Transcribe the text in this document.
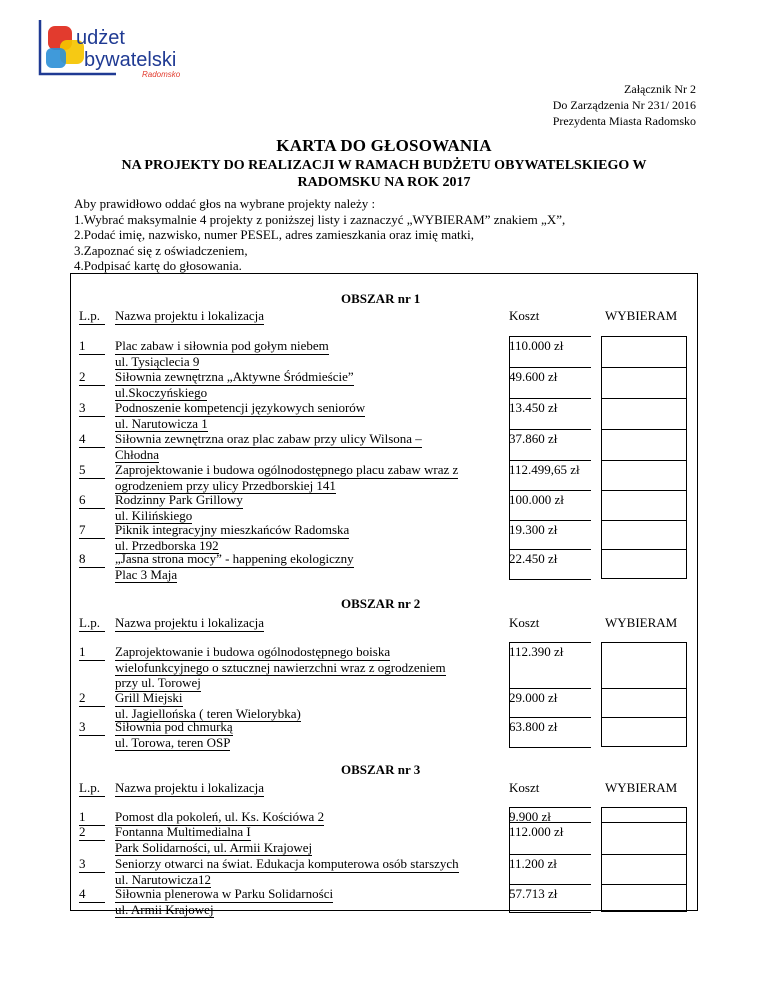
udżet
bywatelski
Radomsko
Załącznik Nr 2
Do Zarządzenia Nr 231/ 2016
Prezydenta Miasta Radomsko
KARTA DO GŁOSOWANIA
NA PROJEKTY DO REALIZACJI W RAMACH BUDŻETU OBYWATELSKIEGO W
RADOMSKU NA ROK 2017
Aby prawidłowo oddać głos na wybrane projekty należy :
1.Wybrać maksymalnie 4 projekty z poniższej listy i zaznaczyć „WYBIERAM” znakiem „X”,
2.Podać imię, nazwisko, numer PESEL, adres zamieszkania oraz imię matki,
3.Zapoznać się z oświadczeniem,
4.Podpisać kartę do głosowania.
OBSZAR nr 1
L.p. Nazwa projektu i lokalizacja	Koszt	WYBIERAM
1 Plac zabaw i siłownia pod gołym niebem
ul. Tysiąclecia 9
110.000 zł
2 Siłownia zewnętrzna „Aktywne Śródmieście”
ul.Skoczyńskiego
49.600 zł
3 Podnoszenie kompetencji językowych seniorów
ul. Narutowicza 1
13.450 zł
4 Siłownia zewnętrzna oraz plac zabaw przy ulicy Wilsona –
Chłodna
37.860 zł
5 Zaprojektowanie i budowa ogólnodostępnego placu zabaw wraz z
ogrodzeniem przy ulicy Przedborskiej 141
112.499,65 zł
6 Rodzinny Park Grillowy
ul. Kilińskiego
100.000 zł
7 Piknik integracyjny mieszkańców Radomska
ul. Przedborska 192
19.300 zł
8 „Jasna strona mocy” - happening ekologiczny
Plac 3 Maja
22.450 zł
OBSZAR nr 2
L.p. Nazwa projektu i lokalizacja	Koszt	WYBIERAM
1 Zaprojektowanie i budowa ogólnodostępnego boiska
wielofunkcyjnego o sztucznej nawierzchni wraz z ogrodzeniem
przy ul. Torowej
112.390 zł
2 Grill Miejski
ul. Jagiellońska ( teren Wielorybka)
29.000 zł
3 Siłownia pod chmurką
ul. Torowa, teren OSP
63.800 zł
OBSZAR nr 3
L.p. Nazwa projektu i lokalizacja	Koszt	WYBIERAM
1 Pomost dla pokoleń, ul. Ks. Kościówa 2	9.900 zł
2 Fontanna Multimedialna I
Park Solidarności, ul. Armii Krajowej
112.000 zł
3 Seniorzy otwarci na świat. Edukacja komputerowa osób starszych
ul. Narutowicza12
11.200 zł
4 Siłownia plenerowa w Parku Solidarności
ul. Armii Krajowej
57.713 zł
